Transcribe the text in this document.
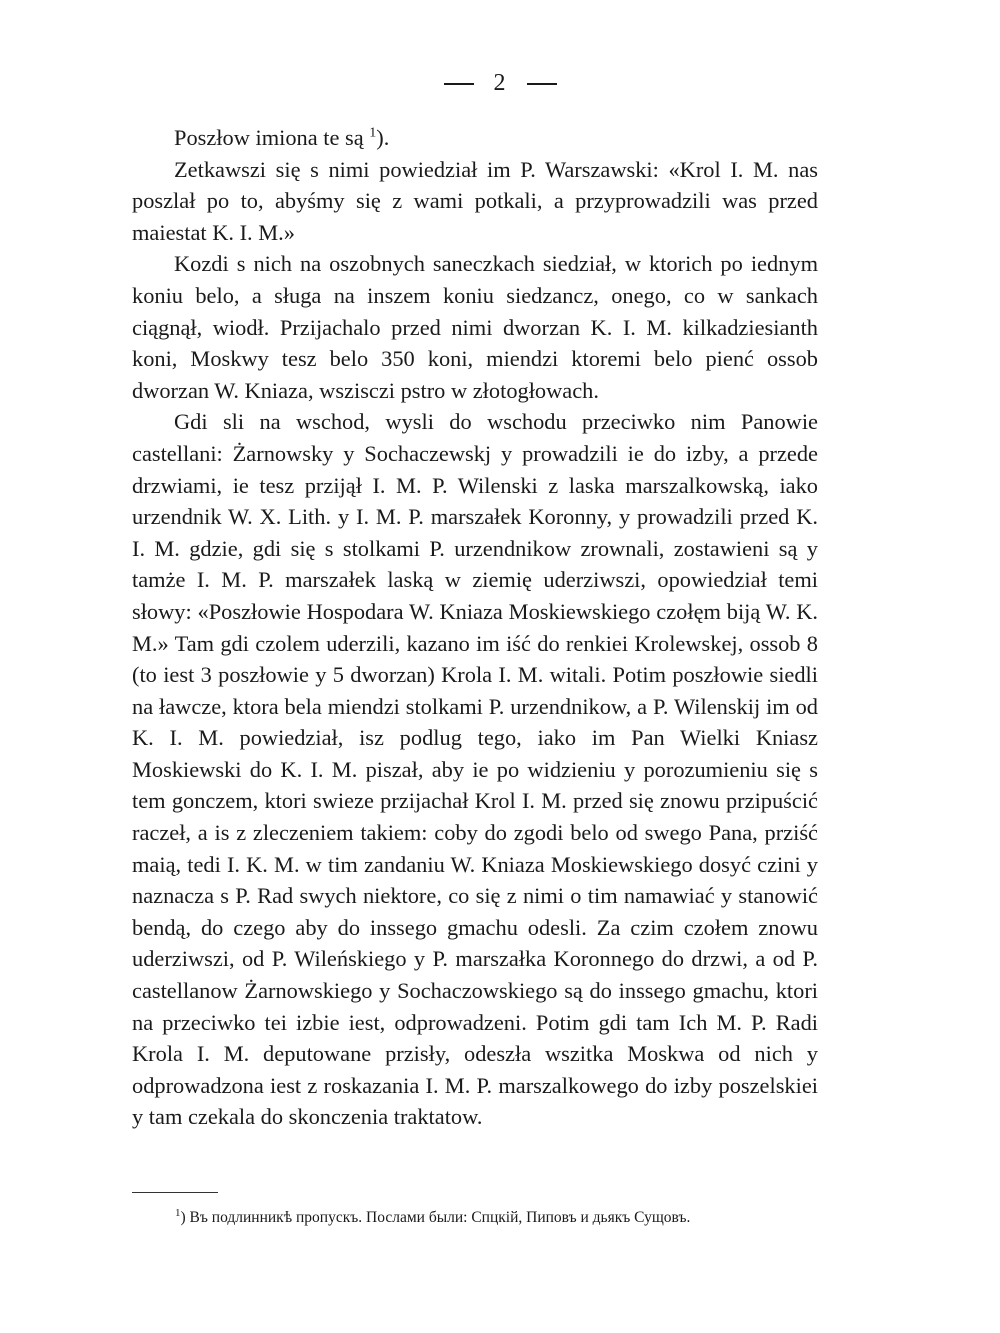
2

Poszłow imiona te są $^1$).

Zetkawszi się s nimi powiedział im P. Warszawski: «Krol I. M. nas poszlał po to, abyśmy się z wami potkali, a przyprowadzili was przed maiestat K. I. M.»

Kozdi s nich na oszobnych saneczkach siedział, w ktorich po iednym koniu belo, a sługa na inszem koniu siedzancz, onego, co w sankach ciągnął, wiodł. Przijachalo przed nimi dworzan K. I. M. kilkadziesianth koni, Moskwy tesz belo 350 koni, miendzi ktoremi belo pienć ossob dworzan W. Kniaza, wszisczi pstro w złotogłowach.

Gdi sli na wschod, wysli do wschodu przeciwko nim Panowie castellani: Żarnowsky y Sochaczewskj y prowadzili ie do izby, a przede drzwiami, ie tesz przijął I. M. P. Wilenski z laska marszalkowską, iako urzendnik W. X. Lith. y I. M. P. marszałek Koronny, y prowadzili przed K. I. M. gdzie, gdi się s stolkami P. urzendnikow zrownali, zostawieni są y tamże I. M. P. marszałek laską w ziemię uderziwszi, opowiedział temi słowy: «Poszłowie Hospodara W. Kniaza Moskiewskiego czołęm biją W. K. M.» Tam gdi czolem uderzili, kazano im iść do renkiei Krolewskej, ossob 8 (to iest 3 poszłowie y 5 dworzan) Krola I. M. witali. Potim poszłowie siedli na ławcze, ktora bela miendzi stolkami P. urzendnikow, a P. Wilenskij im od K. I. M. powiedział, isz podlug tego, iako im Pan Wielki Kniasz Moskiewski do K. I. M. piszał, aby ie po widzieniu y porozumieniu się s tem gonczem, ktori swieze przijachał Krol I. M. przed się znowu przipuścić raczeł, a is z zleczeniem takiem: coby do zgodi belo od swego Pana, prziść maią, tedi I. K. M. w tim zandaniu W. Kniaza Moskiewskiego dosyć czini y naznacza s P. Rad swych niektore, co się z nimi o tim namawiać y stanowić bendą, do czego aby do inssego gmachu odesli. Za czim czołem znowu uderziwszi, od P. Wileńskiego y P. marszałka Koronnego do drzwi, a od P. castellanow Żarnowskiego y Sochaczowskiego są do inssego gmachu, ktori na przeciwko tei izbie iest, odprowadzeni. Potim gdi tam Ich M. P. Radi Krola I. M. deputowane przisły, odeszła wszitka Moskwa od nich y odprowadzona iest z roskazania I. M. P. marszalkowego do izby poszelskiei y tam czekala do skonczenia traktatow.

$^1$) Въ подлинникѣ пропускъ. Послами были: Спцкій, Пиповъ и дьякъ Сущовъ.
